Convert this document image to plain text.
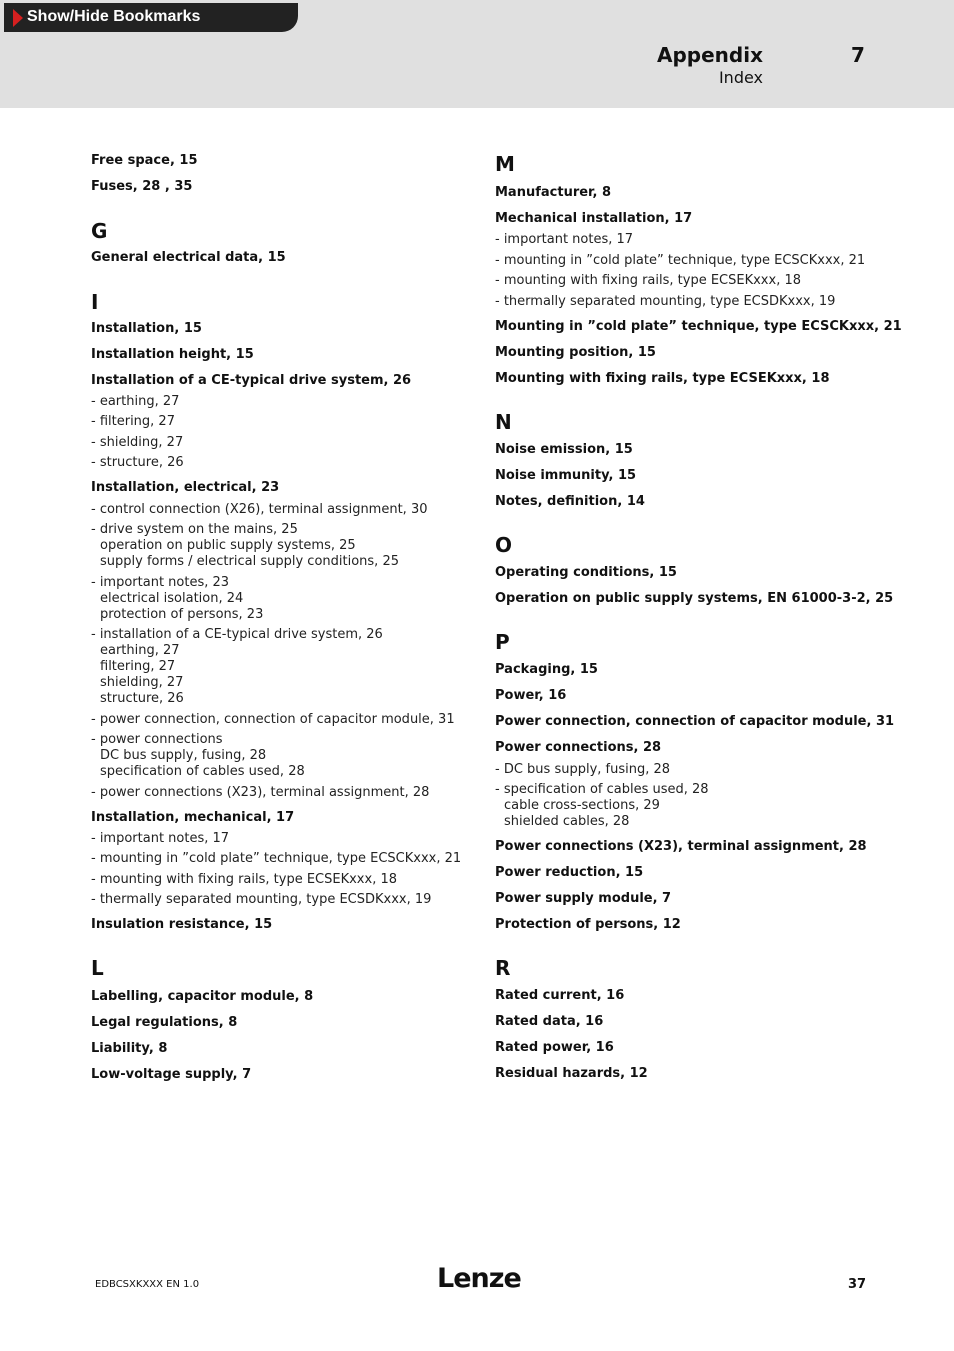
Show/Hide Bookmarks
Appendix	7
Index
Free space, 15
Fuses, 28 , 35
G
General electrical data, 15
I
Installation, 15
Installation height, 15
Installation of a CE-typical drive system, 26
- earthing, 27
- filtering, 27
- shielding, 27
- structure, 26
Installation, electrical, 23
- control connection (X26), terminal assignment, 30
- drive system on the mains, 25
operation on public supply systems, 25
supply forms / electrical supply conditions, 25
- important notes, 23
electrical isolation, 24
protection of persons, 23
- installation of a CE-typical drive system, 26
earthing, 27
filtering, 27
shielding, 27
structure, 26
- power connection, connection of capacitor module, 31
- power connections
DC bus supply, fusing, 28
specification of cables used, 28
- power connections (X23), terminal assignment, 28
Installation, mechanical, 17
- important notes, 17
- mounting in ”cold plate” technique, type ECSCKxxx, 21
- mounting with fixing rails, type ECSEKxxx, 18
- thermally separated mounting, type ECSDKxxx, 19
Insulation resistance, 15
L
Labelling, capacitor module, 8
Legal regulations, 8
Liability, 8
Low-voltage supply, 7
M
Manufacturer, 8
Mechanical installation, 17
- important notes, 17
- mounting in ”cold plate” technique, type ECSCKxxx, 21
- mounting with fixing rails, type ECSEKxxx, 18
- thermally separated mounting, type ECSDKxxx, 19
Mounting in ”cold plate” technique, type ECSCKxxx, 21
Mounting position, 15
Mounting with fixing rails, type ECSEKxxx, 18
N
Noise emission, 15
Noise immunity, 15
Notes, definition, 14
O
Operating conditions, 15
Operation on public supply systems, EN 61000-3-2, 25
P
Packaging, 15
Power, 16
Power connection, connection of capacitor module, 31
Power connections, 28
- DC bus supply, fusing, 28
- specification of cables used, 28
cable cross-sections, 29
shielded cables, 28
Power connections (X23), terminal assignment, 28
Power reduction, 15
Power supply module, 7
Protection of persons, 12
R
Rated current, 16
Rated data, 16
Rated power, 16
Residual hazards, 12
EDBCSXKXXX EN 1.0	Lenze	37
